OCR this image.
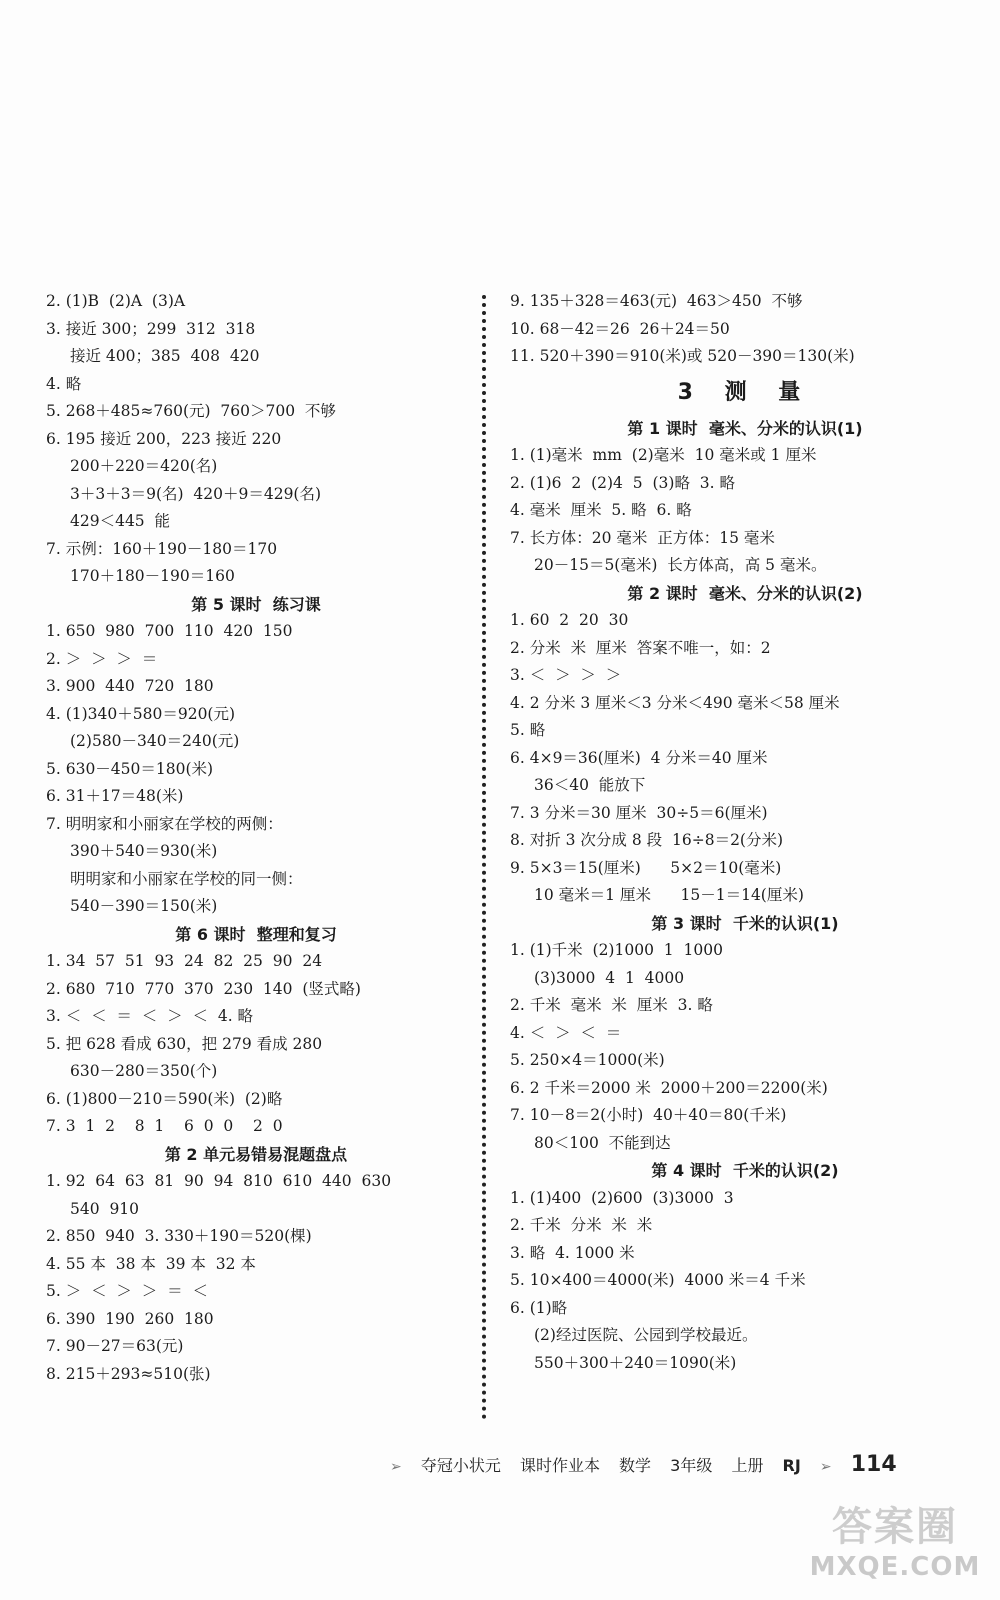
2. (1)B  (2)A  (3)A
3. 接近 300；299  312  318
接近 400；385  408  420
4. 略
5. 268＋485≈760(元)  760＞700  不够
6. 195 接近 200，223 接近 220
200＋220＝420(名)
3＋3＋3＝9(名)  420＋9＝429(名)
429＜445  能
7. 示例：160＋190－180＝170
170＋180－190＝160
第 5 课时  练习课
1. 650  980  700  110  420  150
2. ＞  ＞  ＞  ＝
3. 900  440  720  180
4. (1)340＋580＝920(元)
(2)580－340＝240(元)
5. 630－450＝180(米)
6. 31＋17＝48(米)
7. 明明家和小丽家在学校的两侧：
390＋540＝930(米)
明明家和小丽家在学校的同一侧：
540－390＝150(米)
第 6 课时  整理和复习
1. 34  57  51  93  24  82  25  90  24
2. 680  710  770  370  230  140  (竖式略)
3. ＜  ＜  ＝  ＜  ＞  ＜  4. 略
5. 把 628 看成 630，把 279 看成 280
630－280＝350(个)
6. (1)800－210＝590(米)  (2)略
7. 3  1  2    8  1    6  0  0    2  0
第 2 单元易错易混题盘点
1. 92  64  63  81  90  94  810  610  440  630
540  910
2. 850  940  3. 330＋190＝520(棵)
4. 55 本  38 本  39 本  32 本
5. ＞  ＜  ＞  ＞  ＝  ＜
6. 390  190  260  180
7. 90－27＝63(元)
8. 215＋293≈510(张)
9. 135＋328＝463(元)  463＞450  不够
10. 68－42＝26  26＋24＝50
11. 520＋390＝910(米)或 520－390＝130(米)
3 测 量
第 1 课时  毫米、分米的认识(1)
1. (1)毫米  mm  (2)毫米  10 毫米或 1 厘米
2. (1)6  2  (2)4  5  (3)略  3. 略
4. 毫米  厘米  5. 略  6. 略
7. 长方体：20 毫米  正方体：15 毫米
20－15＝5(毫米)  长方体高，高 5 毫米。
第 2 课时  毫米、分米的认识(2)
1. 60  2  20  30
2. 分米  米  厘米  答案不唯一，如：2
3. ＜  ＞  ＞  ＞
4. 2 分米 3 厘米＜3 分米＜490 毫米＜58 厘米
5. 略
6. 4×9＝36(厘米)  4 分米＝40 厘米
36＜40  能放下
7. 3 分米＝30 厘米  30÷5＝6(厘米)
8. 对折 3 次分成 8 段  16÷8＝2(分米)
9. 5×3＝15(厘米)      5×2＝10(毫米)
10 毫米＝1 厘米      15－1＝14(厘米)
第 3 课时  千米的认识(1)
1. (1)千米  (2)1000  1  1000
(3)3000  4  1  4000
2. 千米  毫米  米  厘米  3. 略
4. ＜  ＞  ＜  ＝
5. 250×4＝1000(米)
6. 2 千米＝2000 米  2000＋200＝2200(米)
7. 10－8＝2(小时)  40＋40＝80(千米)
80＜100  不能到达
第 4 课时  千米的认识(2)
1. (1)400  (2)600  (3)3000  3
2. 千米  分米  米  米
3. 略  4. 1000 米
5. 10×400＝4000(米)  4000 米＝4 千米
6. (1)略
(2)经过医院、公园到学校最近。
550＋300＋240＝1090(米)
➢ 夺冠小状元 课时作业本 数学 3年级 上册 RJ ➢ 114
答案圈
MXQE.COM
